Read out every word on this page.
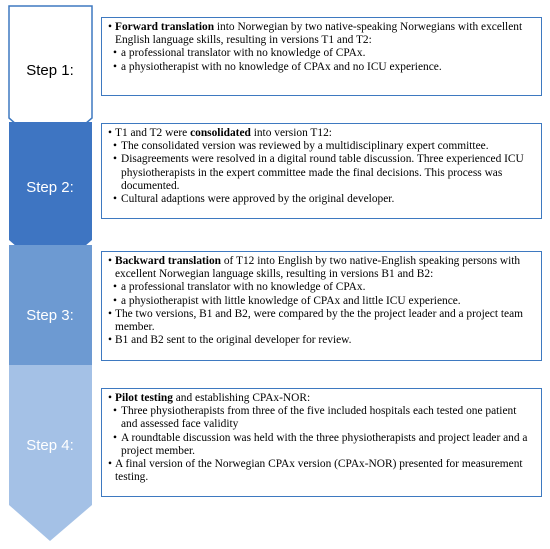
Step 1:
Step 2:
Step 3:
Step 4:
• Forward translation into Norwegian by two native-speaking Norwegians with excellent English language skills, resulting in versions T1 and T2:
• a professional translator with no knowledge of CPAx.
• a physiotherapist with no knowledge of CPAx and no ICU experience.
• T1 and T2 were consolidated into version T12:
• The consolidated version was reviewed by a multidisciplinary expert committee.
• Disagreements were resolved in a digital round table discussion. Three experienced ICU physiotherapists in the expert committee made the final decisions. This process was documented.
• Cultural adaptions were approved by the original developer.
• Backward translation of T12 into English by two native-English speaking persons with excellent Norwegian language skills, resulting in versions B1 and B2:
• a professional translator with no knowledge of CPAx.
• a physiotherapist with little knowledge of CPAx and little ICU experience.
• The two versions, B1 and B2, were compared by the the project leader and a project team member.
• B1 and B2 sent to the original developer for review.
• Pilot testing and establishing CPAx-NOR:
• Three physiotherapists from three of the five included hospitals each tested one patient and assessed face validity
• A roundtable discussion was held with the three physiotherapists and project leader and a project member.
• A final version of the Norwegian CPAx version (CPAx-NOR) presented for measurement testing.
